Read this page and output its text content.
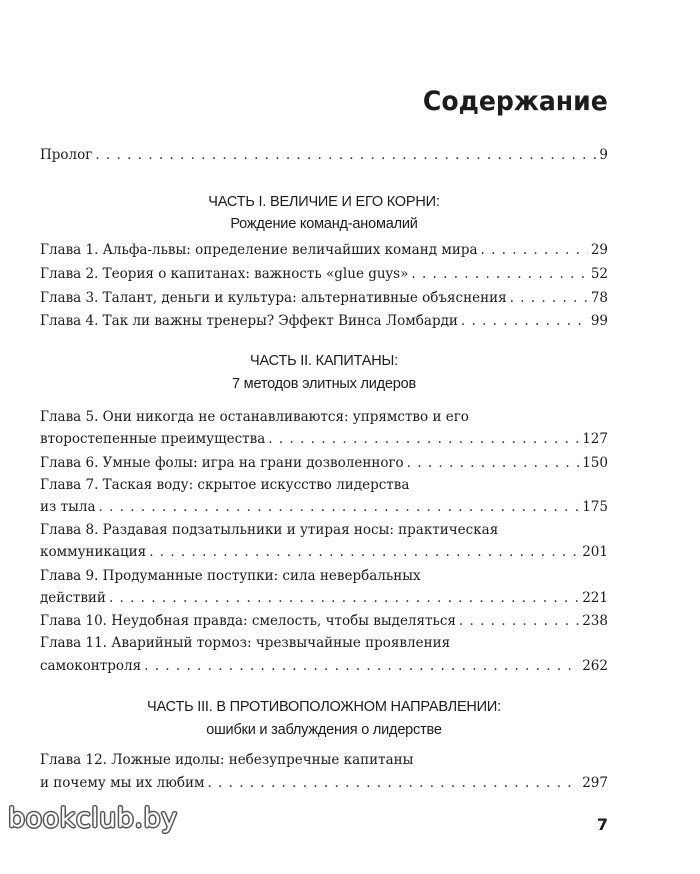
Содержание
Пролог . . .	9
ЧАСТЬ I. ВЕЛИЧИЕ И ЕГО КОРНИ:
Рождение команд-аномалий
Глава 1. Альфа-львы: определение величайших команд мира . . .	29
Глава 2. Теория о капитанах: важность «glue guys» . . .	52
Глава 3. Талант, деньги и культура: альтернативные объяснения . . .	78
Глава 4. Так ли важны тренеры? Эффект Винса Ломбарди . . .	99
ЧАСТЬ II. КАПИТАНЫ:
7 методов элитных лидеров
Глава 5. Они никогда не останавливаются: упрямство и его
второстепенные преимущества . . .	127
Глава 6. Умные фолы: игра на грани дозволенного . . .	150
Глава 7. Таская воду: скрытое искусство лидерства
из тыла . . .	175
Глава 8. Раздавая подзатыльники и утирая носы: практическая
коммуникация . . .	201
Глава 9. Продуманные поступки: сила невербальных
действий . . .	221
Глава 10. Неудобная правда: смелость, чтобы выделяться . . .	238
Глава 11. Аварийный тормоз: чрезвычайные проявления
самоконтроля . . .	262
ЧАСТЬ III. В ПРОТИВОПОЛОЖНОМ НАПРАВЛЕНИИ:
ошибки и заблуждения о лидерстве
Глава 12. Ложные идолы: небезупречные капитаны
и почему мы их любим . . .	297
7
bookclub.by
